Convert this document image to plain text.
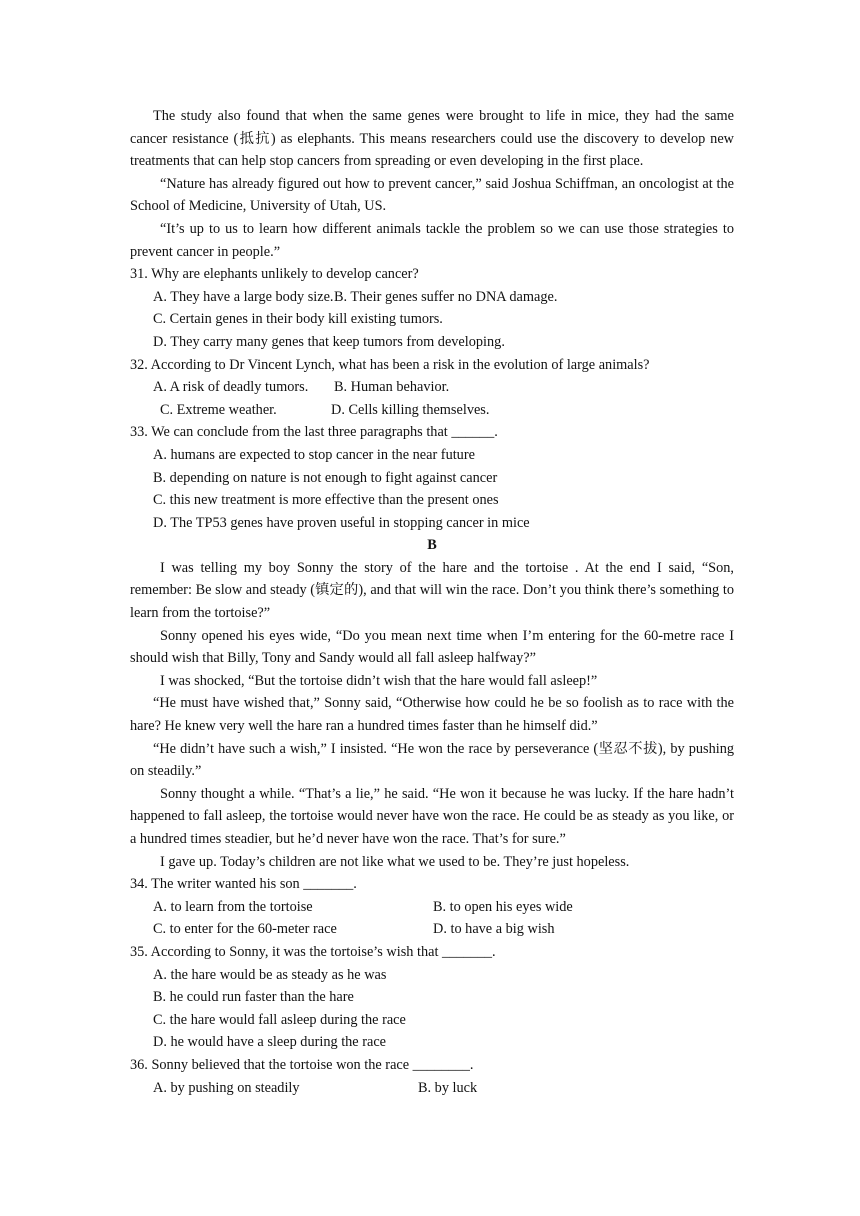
The study also found that when the same genes were brought to life in mice, they had the same cancer resistance (抵抗) as elephants. This means researchers could use the discovery to develop new treatments that can help stop cancers from spreading or even developing in the first place.

“Nature has already figured out how to prevent cancer,” said Joshua Schiffman, an oncologist at the School of Medicine, University of Utah, US.

“It’s up to us to learn how different animals tackle the problem so we can use those strategies to prevent cancer in people.”

31. Why are elephants unlikely to develop cancer?

A. They have a large body size. B. Their genes suffer no DNA damage.

C. Certain genes in their body kill existing tumors.

D. They carry many genes that keep tumors from developing.

32. According to Dr Vincent Lynch, what has been a risk in the evolution of large animals?

A. A risk of deadly tumors.	B. Human behavior.
C. Extreme weather.	D. Cells killing themselves.

33. We can conclude from the last three paragraphs that ______.

A. humans are expected to stop cancer in the near future

B. depending on nature is not enough to fight against cancer

C. this new treatment is more effective than the present ones

D. The TP53 genes have proven useful in stopping cancer in mice

B

I was telling my boy Sonny the story of the hare and the tortoise . At the end I said, “Son, remember: Be slow and steady (镇定的), and that will win the race. Don’t you think there’s something to learn from the tortoise?”

Sonny opened his eyes wide, “Do you mean next time when I’m entering for the 60-metre race I should wish that Billy, Tony and Sandy would all fall asleep halfway?”

I was shocked, “But the tortoise didn’t wish that the hare would fall asleep!”

“He must have wished that,” Sonny said, “Otherwise how could he be so foolish as to race with the hare? He knew very well the hare ran a hundred times faster than he himself did.”

“He didn’t have such a wish,” I insisted. “He won the race by perseverance (坚忍不拔), by pushing on steadily.”

Sonny thought a while. “That’s a lie,” he said. “He won it because he was lucky. If the hare hadn’t happened to fall asleep, the tortoise would never have won the race. He could be as steady as you like, or a hundred times steadier, but he’d never have won the race. That’s for sure.”

I gave up. Today’s children are not like what we used to be. They’re just hopeless.

34. The writer wanted his son _______.

A. to learn from the tortoise	B. to open his eyes wide
C. to enter for the 60-meter race	D. to have a big wish

35. According to Sonny, it was the tortoise’s wish that _______.

A. the hare would be as steady as he was

B. he could run faster than the hare

C. the hare would fall asleep during the race

D. he would have a sleep during the race

36. Sonny believed that the tortoise won the race ________.

A. by pushing on steadily	B. by luck
